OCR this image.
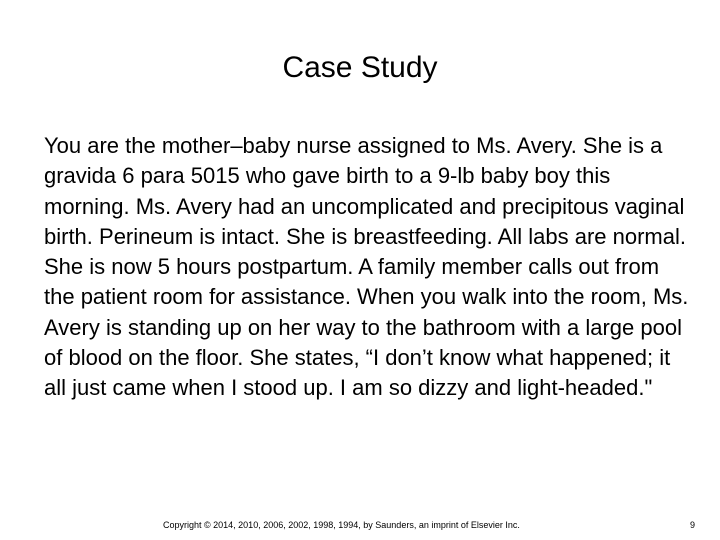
Case Study

You are the mother–baby nurse assigned to Ms. Avery. She is a gravida 6 para 5015 who gave birth to a 9-lb baby boy this morning. Ms. Avery had an uncomplicated and precipitous vaginal birth. Perineum is intact. She is breastfeeding. All labs are normal. She is now 5 hours postpartum. A family member calls out from the patient room for assistance. When you walk into the room, Ms. Avery is standing up on her way to the bathroom with a large pool of blood on the floor. She states, “I don’t know what happened; it all just came when I stood up. I am so dizzy and light-headed."

Copyright © 2014, 2010, 2006, 2002, 1998, 1994, by Saunders, an imprint of Elsevier Inc.	9
